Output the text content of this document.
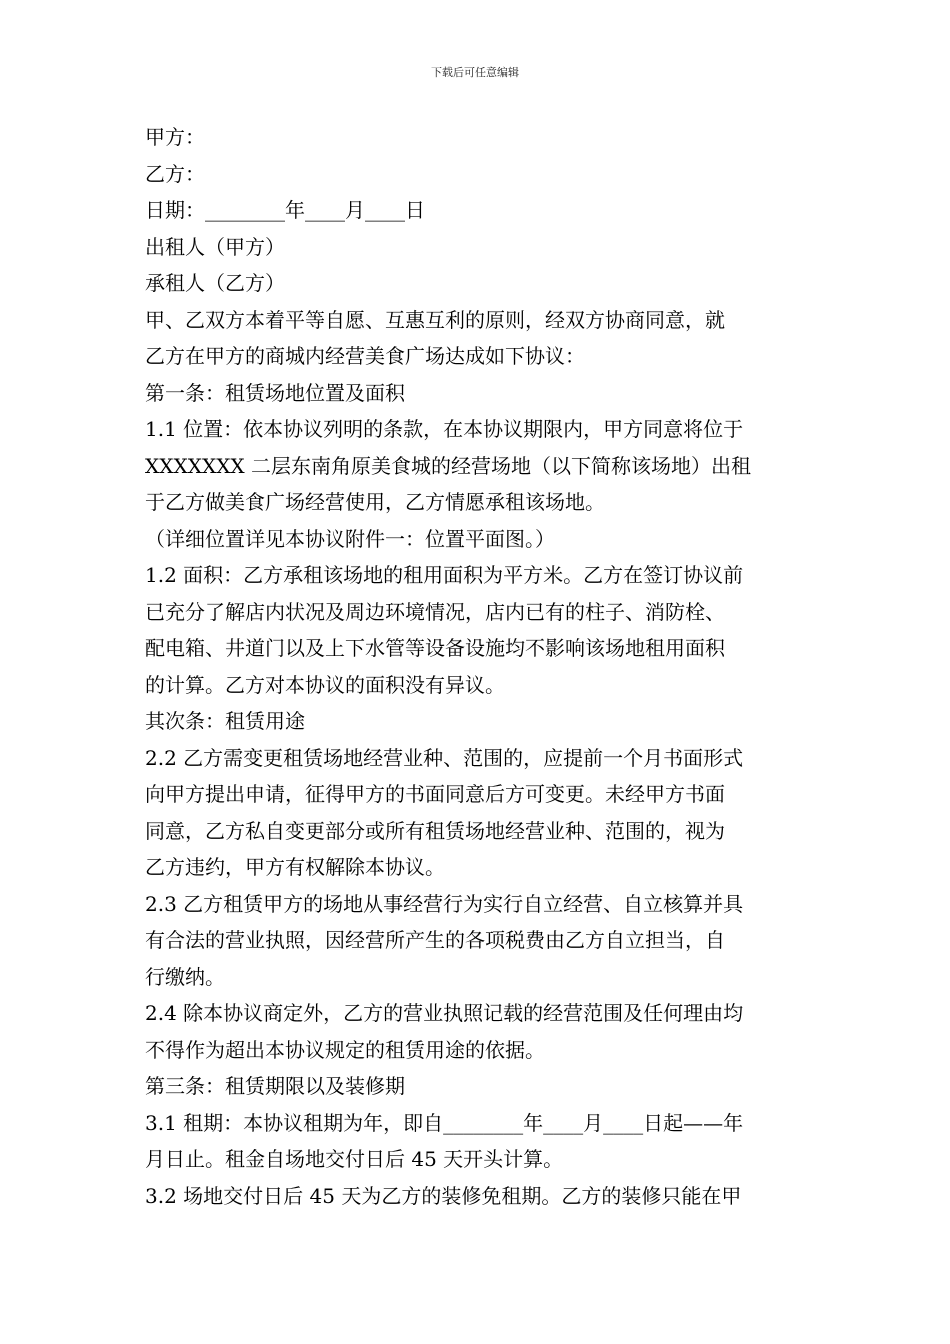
下载后可任意编辑
甲方：
乙方：
日期：________年____月____日
出租人（甲方）
承租人（乙方）
甲、乙双方本着平等自愿、互惠互利的原则，经双方协商同意，就
乙方在甲方的商城内经营美食广场达成如下协议：
第一条：租赁场地位置及面积
1.1 位置：依本协议列明的条款，在本协议期限内，甲方同意将位于
XXXXXXX 二层东南角原美食城的经营场地（以下简称该场地）出租
于乙方做美食广场经营使用，乙方情愿承租该场地。
（详细位置详见本协议附件一：位置平面图。）
1.2 面积：乙方承租该场地的租用面积为平方米。乙方在签订协议前
已充分了解店内状况及周边环境情况，店内已有的柱子、消防栓、
配电箱、井道门以及上下水管等设备设施均不影响该场地租用面积
的计算。乙方对本协议的面积没有异议。
其次条：租赁用途
2.2 乙方需变更租赁场地经营业种、范围的，应提前一个月书面形式
向甲方提出申请，征得甲方的书面同意后方可变更。未经甲方书面
同意，乙方私自变更部分或所有租赁场地经营业种、范围的，视为
乙方违约，甲方有权解除本协议。
2.3 乙方租赁甲方的场地从事经营行为实行自立经营、自立核算并具
有合法的营业执照，因经营所产生的各项税费由乙方自立担当，自
行缴纳。
2.4 除本协议商定外，乙方的营业执照记载的经营范围及任何理由均
不得作为超出本协议规定的租赁用途的依据。
第三条：租赁期限以及装修期
3.1 租期：本协议租期为年，即自________年____月____日起——年
月日止。租金自场地交付日后 45 天开头计算。
3.2 场地交付日后 45 天为乙方的装修免租期。乙方的装修只能在甲
